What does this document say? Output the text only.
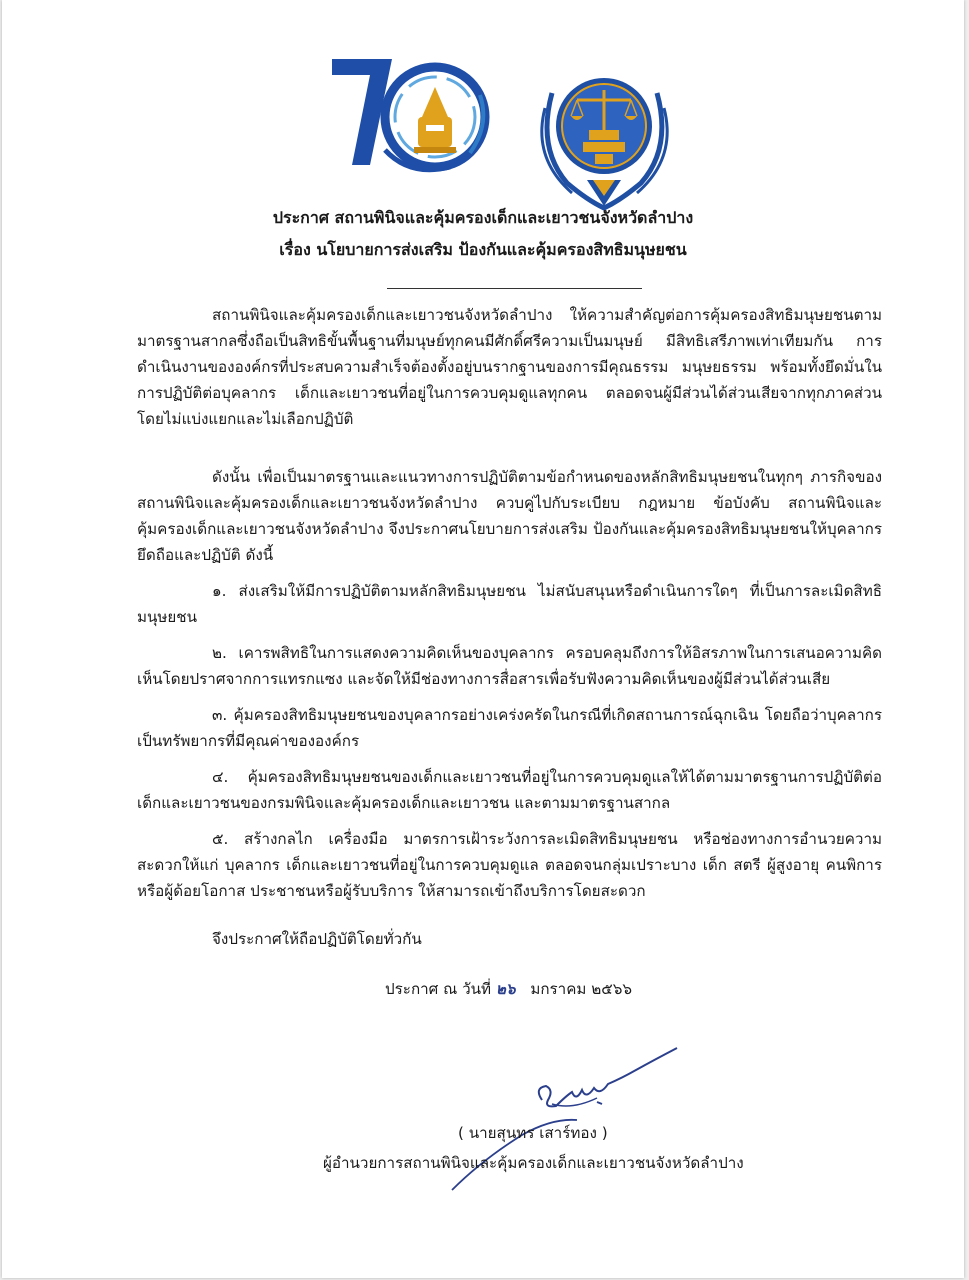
ประกาศ สถานพินิจและคุ้มครองเด็กและเยาวชนจังหวัดลำปาง
เรื่อง นโยบายการส่งเสริม ป้องกันและคุ้มครองสิทธิมนุษยชน

สถานพินิจและคุ้มครองเด็กและเยาวชนจังหวัดลำปาง ให้ความสำคัญต่อการคุ้มครองสิทธิมนุษยชนตามมาตรฐานสากลซึ่งถือเป็นสิทธิขั้นพื้นฐานที่มนุษย์ทุกคนมีศักดิ์ศรีความเป็นมนุษย์ มีสิทธิเสรีภาพเท่าเทียมกัน การดำเนินงานขององค์กรที่ประสบความสำเร็จต้องตั้งอยู่บนรากฐานของการมีคุณธรรม มนุษยธรรม พร้อมทั้งยึดมั่นในการปฏิบัติต่อบุคลากร เด็กและเยาวชนที่อยู่ในการควบคุมดูแลทุกคน ตลอดจนผู้มีส่วนได้ส่วนเสียจากทุกภาคส่วน โดยไม่แบ่งแยกและไม่เลือกปฏิบัติ

ดังนั้น เพื่อเป็นมาตรฐานและแนวทางการปฏิบัติตามข้อกำหนดของหลักสิทธิมนุษยชนในทุกๆ ภารกิจของสถานพินิจและคุ้มครองเด็กและเยาวชนจังหวัดลำปาง ควบคู่ไปกับระเบียบ กฎหมาย ข้อบังคับ สถานพินิจและคุ้มครองเด็กและเยาวชนจังหวัดลำปาง จึงประกาศนโยบายการส่งเสริม ป้องกันและคุ้มครองสิทธิมนุษยชนให้บุคลากรยึดถือและปฏิบัติ ดังนี้

๑. ส่งเสริมให้มีการปฏิบัติตามหลักสิทธิมนุษยชน ไม่สนับสนุนหรือดำเนินการใดๆ ที่เป็นการละเมิดสิทธิมนุษยชน

๒. เคารพสิทธิในการแสดงความคิดเห็นของบุคลากร ครอบคลุมถึงการให้อิสรภาพในการเสนอความคิดเห็นโดยปราศจากการแทรกแซง และจัดให้มีช่องทางการสื่อสารเพื่อรับฟังความคิดเห็นของผู้มีส่วนได้ส่วนเสีย

๓. คุ้มครองสิทธิมนุษยชนของบุคลากรอย่างเคร่งครัดในกรณีที่เกิดสถานการณ์ฉุกเฉิน โดยถือว่าบุคลากรเป็นทรัพยากรที่มีคุณค่าขององค์กร

๔. คุ้มครองสิทธิมนุษยชนของเด็กและเยาวชนที่อยู่ในการควบคุมดูแลให้ได้ตามมาตรฐานการปฏิบัติต่อเด็กและเยาวชนของกรมพินิจและคุ้มครองเด็กและเยาวชน และตามมาตรฐานสากล

๕. สร้างกลไก เครื่องมือ มาตรการเฝ้าระวังการละเมิดสิทธิมนุษยชน หรือช่องทางการอำนวยความสะดวกให้แก่ บุคลากร เด็กและเยาวชนที่อยู่ในการควบคุมดูแล ตลอดจนกลุ่มเปราะบาง เด็ก สตรี ผู้สูงอายุ คนพิการหรือผู้ด้อยโอกาส ประชาชนหรือผู้รับบริการ ให้สามารถเข้าถึงบริการโดยสะดวก

จึงประกาศให้ถือปฏิบัติโดยทั่วกัน

ประกาศ ณ วันที่ ๒๖ มกราคม ๒๕๖๖
( นายสุนทร เสาร์ทอง )
ผู้อำนวยการสถานพินิจและคุ้มครองเด็กและเยาวชนจังหวัดลำปาง
